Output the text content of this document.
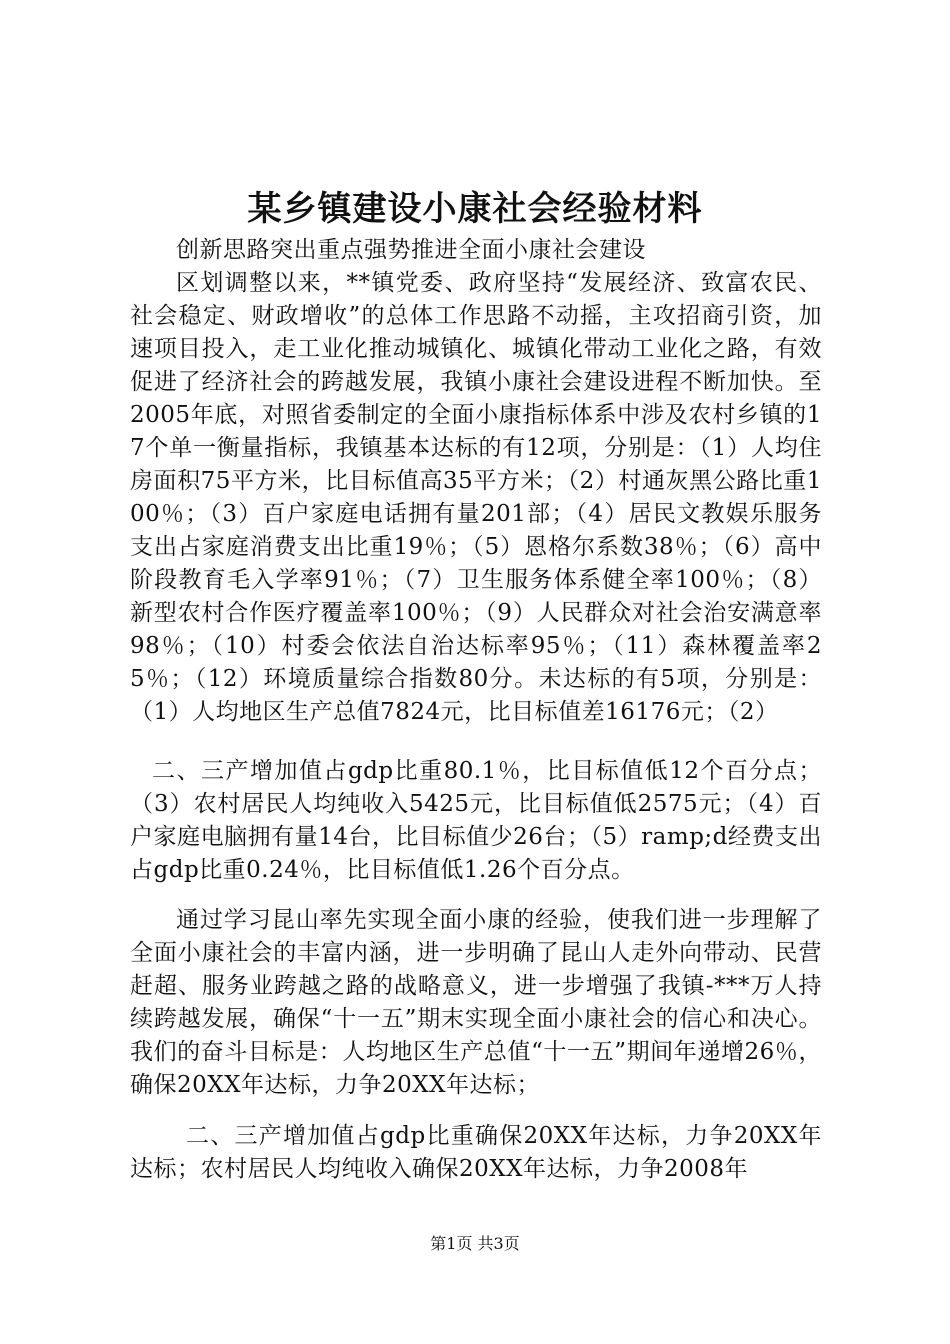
某乡镇建设小康社会经验材料

创新思路突出重点强势推进全面小康社会建设

区划调整以来，**镇党委、政府坚持“发展经济、致富农民、社会稳定、财政增收”的总体工作思路不动摇，主攻招商引资，加速项目投入，走工业化推动城镇化、城镇化带动工业化之路，有效促进了经济社会的跨越发展，我镇小康社会建设进程不断加快。至2005年底，对照省委制定的全面小康指标体系中涉及农村乡镇的17个单一衡量指标，我镇基本达标的有12项，分别是：（1）人均住房面积75平方米，比目标值高35平方米；（2）村通灰黑公路比重100％；（3）百户家庭电话拥有量201部；（4）居民文教娱乐服务支出占家庭消费支出比重19％；（5）恩格尔系数38％；（6）高中阶段教育毛入学率91％；（7）卫生服务体系健全率100％；（8）新型农村合作医疗覆盖率100％；（9）人民群众对社会治安满意率98％；（10）村委会依法自治达标率95％；（11）森林覆盖率25％；（12）环境质量综合指数80分。未达标的有5项，分别是：（1）人均地区生产总值7824元，比目标值差16176元；（2）

二、三产增加值占gdp比重80.1％，比目标值低12个百分点；（3）农村居民人均纯收入5425元，比目标值低2575元；（4）百户家庭电脑拥有量14台，比目标值少26台；（5）ramp;d经费支出占gdp比重0.24％，比目标值低1.26个百分点。

通过学习昆山率先实现全面小康的经验，使我们进一步理解了全面小康社会的丰富内涵，进一步明确了昆山人走外向带动、民营赶超、服务业跨越之路的战略意义，进一步增强了我镇-***万人持续跨越发展，确保“十一五”期末实现全面小康社会的信心和决心。我们的奋斗目标是：人均地区生产总值“十一五”期间年递增26％，确保20XX年达标，力争20XX年达标；

二、三产增加值占gdp比重确保20XX年达标，力争20XX年达标；农村居民人均纯收入确保20XX年达标，力争2008年

第1页 共3页
